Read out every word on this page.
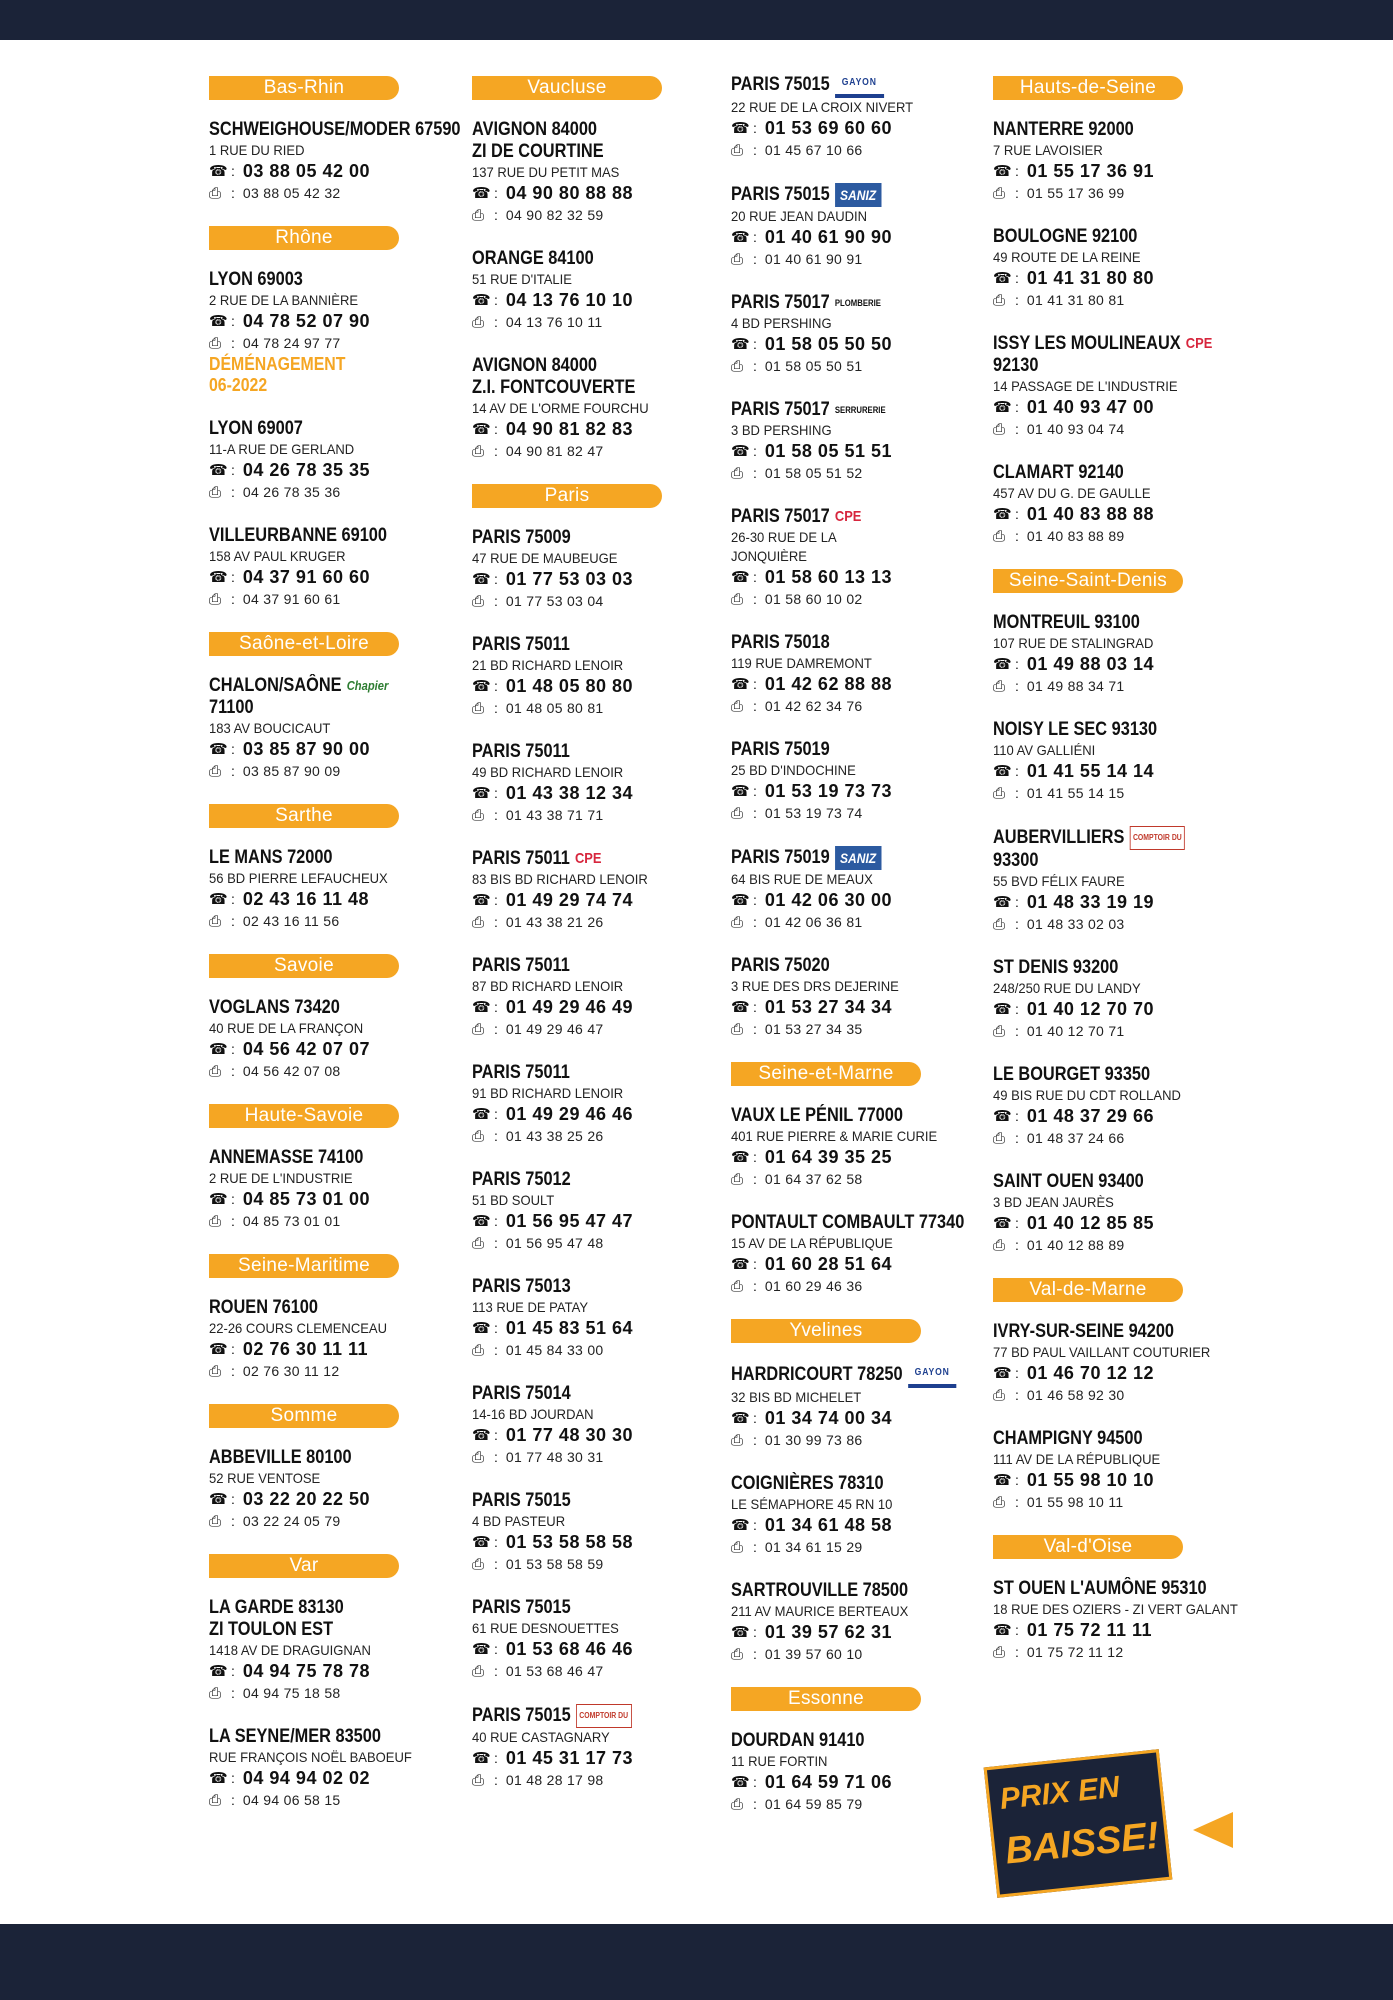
Bas-Rhin
SCHWEIGHOUSE/MODER 67590
1 RUE DU RIED
☎ : 03 88 05 42 00
⎙ : 03 88 05 42 32
Rhône
LYON 69003
2 RUE DE LA BANNIÈRE
☎ : 04 78 52 07 90
⎙ : 04 78 24 97 77
DÉMÉNAGEMENT
06-2022
LYON 69007
11-A RUE DE GERLAND
☎ : 04 26 78 35 35
⎙ : 04 26 78 35 36
VILLEURBANNE 69100
158 AV PAUL KRUGER
☎ : 04 37 91 60 60
⎙ : 04 37 91 60 61
Saône-et-Loire
CHALON/SAÔNE Chapier
71100
183 AV BOUCICAUT
☎ : 03 85 87 90 00
⎙ : 03 85 87 90 09
Sarthe
LE MANS 72000
56 BD PIERRE LEFAUCHEUX
☎ : 02 43 16 11 48
⎙ : 02 43 16 11 56
Savoie
VOGLANS 73420
40 RUE DE LA FRANÇON
☎ : 04 56 42 07 07
⎙ : 04 56 42 07 08
Haute-Savoie
ANNEMASSE 74100
2 RUE DE L'INDUSTRIE
☎ : 04 85 73 01 00
⎙ : 04 85 73 01 01
Seine-Maritime
ROUEN 76100
22-26 COURS CLEMENCEAU
☎ : 02 76 30 11 11
⎙ : 02 76 30 11 12
Somme
ABBEVILLE 80100
52 RUE VENTOSE
☎ : 03 22 20 22 50
⎙ : 03 22 24 05 79
Var
LA GARDE 83130
ZI TOULON EST
1418 AV DE DRAGUIGNAN
☎ : 04 94 75 78 78
⎙ : 04 94 75 18 58
LA SEYNE/MER 83500
RUE FRANÇOIS NOËL BABOEUF
☎ : 04 94 94 02 02
⎙ : 04 94 06 58 15
Vaucluse
AVIGNON 84000
ZI DE COURTINE
137 RUE DU PETIT MAS
☎ : 04 90 80 88 88
⎙ : 04 90 82 32 59
ORANGE 84100
51 RUE D'ITALIE
☎ : 04 13 76 10 10
⎙ : 04 13 76 10 11
AVIGNON 84000
Z.I. FONTCOUVERTE
14 AV DE L'ORME FOURCHU
☎ : 04 90 81 82 83
⎙ : 04 90 81 82 47
Paris
PARIS 75009
47 RUE DE MAUBEUGE
☎ : 01 77 53 03 03
⎙ : 01 77 53 03 04
PARIS 75011
21 BD RICHARD LENOIR
☎ : 01 48 05 80 80
⎙ : 01 48 05 80 81
PARIS 75011
49 BD RICHARD LENOIR
☎ : 01 43 38 12 34
⎙ : 01 43 38 71 71
PARIS 75011 CPE
83 BIS BD RICHARD LENOIR
☎ : 01 49 29 74 74
⎙ : 01 43 38 21 26
PARIS 75011
87 BD RICHARD LENOIR
☎ : 01 49 29 46 49
⎙ : 01 49 29 46 47
PARIS 75011
91 BD RICHARD LENOIR
☎ : 01 49 29 46 46
⎙ : 01 43 38 25 26
PARIS 75012
51 BD SOULT
☎ : 01 56 95 47 47
⎙ : 01 56 95 47 48
PARIS 75013
113 RUE DE PATAY
☎ : 01 45 83 51 64
⎙ : 01 45 84 33 00
PARIS 75014
14-16 BD JOURDAN
☎ : 01 77 48 30 30
⎙ : 01 77 48 30 31
PARIS 75015
4 BD PASTEUR
☎ : 01 53 58 58 58
⎙ : 01 53 58 58 59
PARIS 75015
61 RUE DESNOUETTES
☎ : 01 53 68 46 46
⎙ : 01 53 68 46 47
PARIS 75015 COMPTOIR DU
40 RUE CASTAGNARY
☎ : 01 45 31 17 73
⎙ : 01 48 28 17 98
PARIS 75015 GAYON
22 RUE DE LA CROIX NIVERT
☎ : 01 53 69 60 60
⎙ : 01 45 67 10 66
PARIS 75015 SANIZ
20 RUE JEAN DAUDIN
☎ : 01 40 61 90 90
⎙ : 01 40 61 90 91
PARIS 75017 PLOMBERIE
4 BD PERSHING
☎ : 01 58 05 50 50
⎙ : 01 58 05 50 51
PARIS 75017 SERRURERIE
3 BD PERSHING
☎ : 01 58 05 51 51
⎙ : 01 58 05 51 52
PARIS 75017 CPE
26-30 RUE DE LA
JONQUIÈRE
☎ : 01 58 60 13 13
⎙ : 01 58 60 10 02
PARIS 75018
119 RUE DAMREMONT
☎ : 01 42 62 88 88
⎙ : 01 42 62 34 76
PARIS 75019
25 BD D'INDOCHINE
☎ : 01 53 19 73 73
⎙ : 01 53 19 73 74
PARIS 75019 SANIZ
64 BIS RUE DE MEAUX
☎ : 01 42 06 30 00
⎙ : 01 42 06 36 81
PARIS 75020
3 RUE DES DRS DEJERINE
☎ : 01 53 27 34 34
⎙ : 01 53 27 34 35
Seine-et-Marne
VAUX LE PÉNIL 77000
401 RUE PIERRE & MARIE CURIE
☎ : 01 64 39 35 25
⎙ : 01 64 37 62 58
PONTAULT COMBAULT 77340
15 AV DE LA RÉPUBLIQUE
☎ : 01 60 28 51 64
⎙ : 01 60 29 46 36
Yvelines
HARDRICOURT 78250 GAYON
32 BIS BD MICHELET
☎ : 01 34 74 00 34
⎙ : 01 30 99 73 86
COIGNIÈRES 78310
LE SÉMAPHORE 45 RN 10
☎ : 01 34 61 48 58
⎙ : 01 34 61 15 29
SARTROUVILLE 78500
211 AV MAURICE BERTEAUX
☎ : 01 39 57 62 31
⎙ : 01 39 57 60 10
Essonne
DOURDAN 91410
11 RUE FORTIN
☎ : 01 64 59 71 06
⎙ : 01 64 59 85 79
Hauts-de-Seine
NANTERRE 92000
7 RUE LAVOISIER
☎ : 01 55 17 36 91
⎙ : 01 55 17 36 99
BOULOGNE 92100
49 ROUTE DE LA REINE
☎ : 01 41 31 80 80
⎙ : 01 41 31 80 81
ISSY LES MOULINEAUX CPE
92130
14 PASSAGE DE L'INDUSTRIE
☎ : 01 40 93 47 00
⎙ : 01 40 93 04 74
CLAMART 92140
457 AV DU G. DE GAULLE
☎ : 01 40 83 88 88
⎙ : 01 40 83 88 89
Seine-Saint-Denis
MONTREUIL 93100
107 RUE DE STALINGRAD
☎ : 01 49 88 03 14
⎙ : 01 49 88 34 71
NOISY LE SEC 93130
110 AV GALLIÉNI
☎ : 01 41 55 14 14
⎙ : 01 41 55 14 15
AUBERVILLIERS COMPTOIR DU
93300
55 BVD FÉLIX FAURE
☎ : 01 48 33 19 19
⎙ : 01 48 33 02 03
ST DENIS 93200
248/250 RUE DU LANDY
☎ : 01 40 12 70 70
⎙ : 01 40 12 70 71
LE BOURGET 93350
49 BIS RUE DU CDT ROLLAND
☎ : 01 48 37 29 66
⎙ : 01 48 37 24 66
SAINT OUEN 93400
3 BD JEAN JAURÈS
☎ : 01 40 12 85 85
⎙ : 01 40 12 88 89
Val-de-Marne
IVRY-SUR-SEINE 94200
77 BD PAUL VAILLANT COUTURIER
☎ : 01 46 70 12 12
⎙ : 01 46 58 92 30
CHAMPIGNY 94500
111 AV DE LA RÉPUBLIQUE
☎ : 01 55 98 10 10
⎙ : 01 55 98 10 11
Val-d'Oise
ST OUEN L'AUMÔNE 95310
18 RUE DES OZIERS - ZI VERT GALANT
☎ : 01 75 72 11 11
⎙ : 01 75 72 11 12
PRIX EN
BAISSE!
